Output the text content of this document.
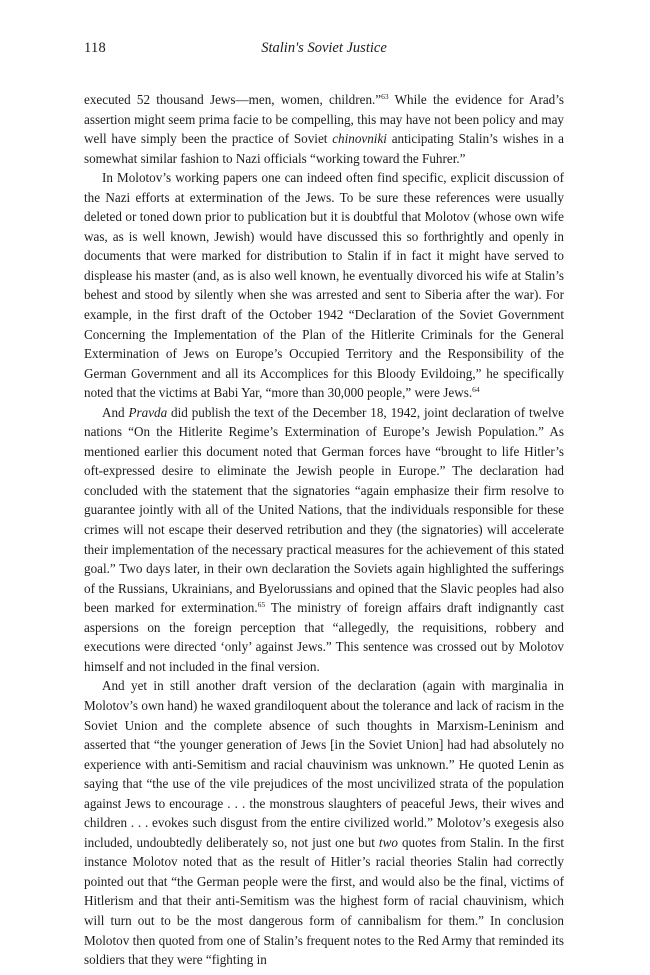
118	Stalin's Soviet Justice

executed 52 thousand Jews—men, women, children.”$^{63}$ While the evidence for Arad’s assertion might seem prima facie to be compelling, this may have not been policy and may well have simply been the practice of Soviet chinovniki anticipating Stalin’s wishes in a somewhat similar fashion to Nazi officials “working toward the Fuhrer.”

In Molotov’s working papers one can indeed often find specific, explicit discussion of the Nazi efforts at extermination of the Jews. To be sure these references were usually deleted or toned down prior to publication but it is doubtful that Molotov (whose own wife was, as is well known, Jewish) would have discussed this so forthrightly and openly in documents that were marked for distribution to Stalin if in fact it might have served to displease his master (and, as is also well known, he eventually divorced his wife at Stalin’s behest and stood by silently when she was arrested and sent to Siberia after the war). For example, in the first draft of the October 1942 “Declaration of the Soviet Government Concerning the Implementation of the Plan of the Hitlerite Criminals for the General Extermination of Jews on Europe’s Occupied Territory and the Responsibility of the German Government and all its Accomplices for this Bloody Evildoing,” he specifically noted that the victims at Babi Yar, “more than 30,000 people,” were Jews.$^{64}$

And Pravda did publish the text of the December 18, 1942, joint declaration of twelve nations “On the Hitlerite Regime’s Extermination of Europe’s Jewish Population.” As mentioned earlier this document noted that German forces have “brought to life Hitler’s oft-expressed desire to eliminate the Jewish people in Europe.” The declaration had concluded with the statement that the signatories “again emphasize their firm resolve to guarantee jointly with all of the United Nations, that the individuals responsible for these crimes will not escape their deserved retribution and they (the signatories) will accelerate their implementation of the necessary practical measures for the achievement of this stated goal.” Two days later, in their own declaration the Soviets again highlighted the sufferings of the Russians, Ukrainians, and Byelorussians and opined that the Slavic peoples had also been marked for extermination.$^{65}$ The ministry of foreign affairs draft indignantly cast aspersions on the foreign perception that “allegedly, the requisitions, robbery and executions were directed ‘only’ against Jews.” This sentence was crossed out by Molotov himself and not included in the final version.

And yet in still another draft version of the declaration (again with marginalia in Molotov’s own hand) he waxed grandiloquent about the tolerance and lack of racism in the Soviet Union and the complete absence of such thoughts in Marxism-Leninism and asserted that “the younger generation of Jews [in the Soviet Union] had had absolutely no experience with anti-Semitism and racial chauvinism was unknown.” He quoted Lenin as saying that “the use of the vile prejudices of the most uncivilized strata of the population against Jews to encourage . . . the monstrous slaughters of peaceful Jews, their wives and children . . . evokes such disgust from the entire civilized world.” Molotov’s exegesis also included, undoubtedly deliberately so, not just one but two quotes from Stalin. In the first instance Molotov noted that as the result of Hitler’s racial theories Stalin had correctly pointed out that “the German people were the first, and would also be the final, victims of Hitlerism and that their anti-Semitism was the highest form of racial chauvinism, which will turn out to be the most dangerous form of cannibalism for them.” In conclusion Molotov then quoted from one of Stalin’s frequent notes to the Red Army that reminded its soldiers that they were “fighting in
